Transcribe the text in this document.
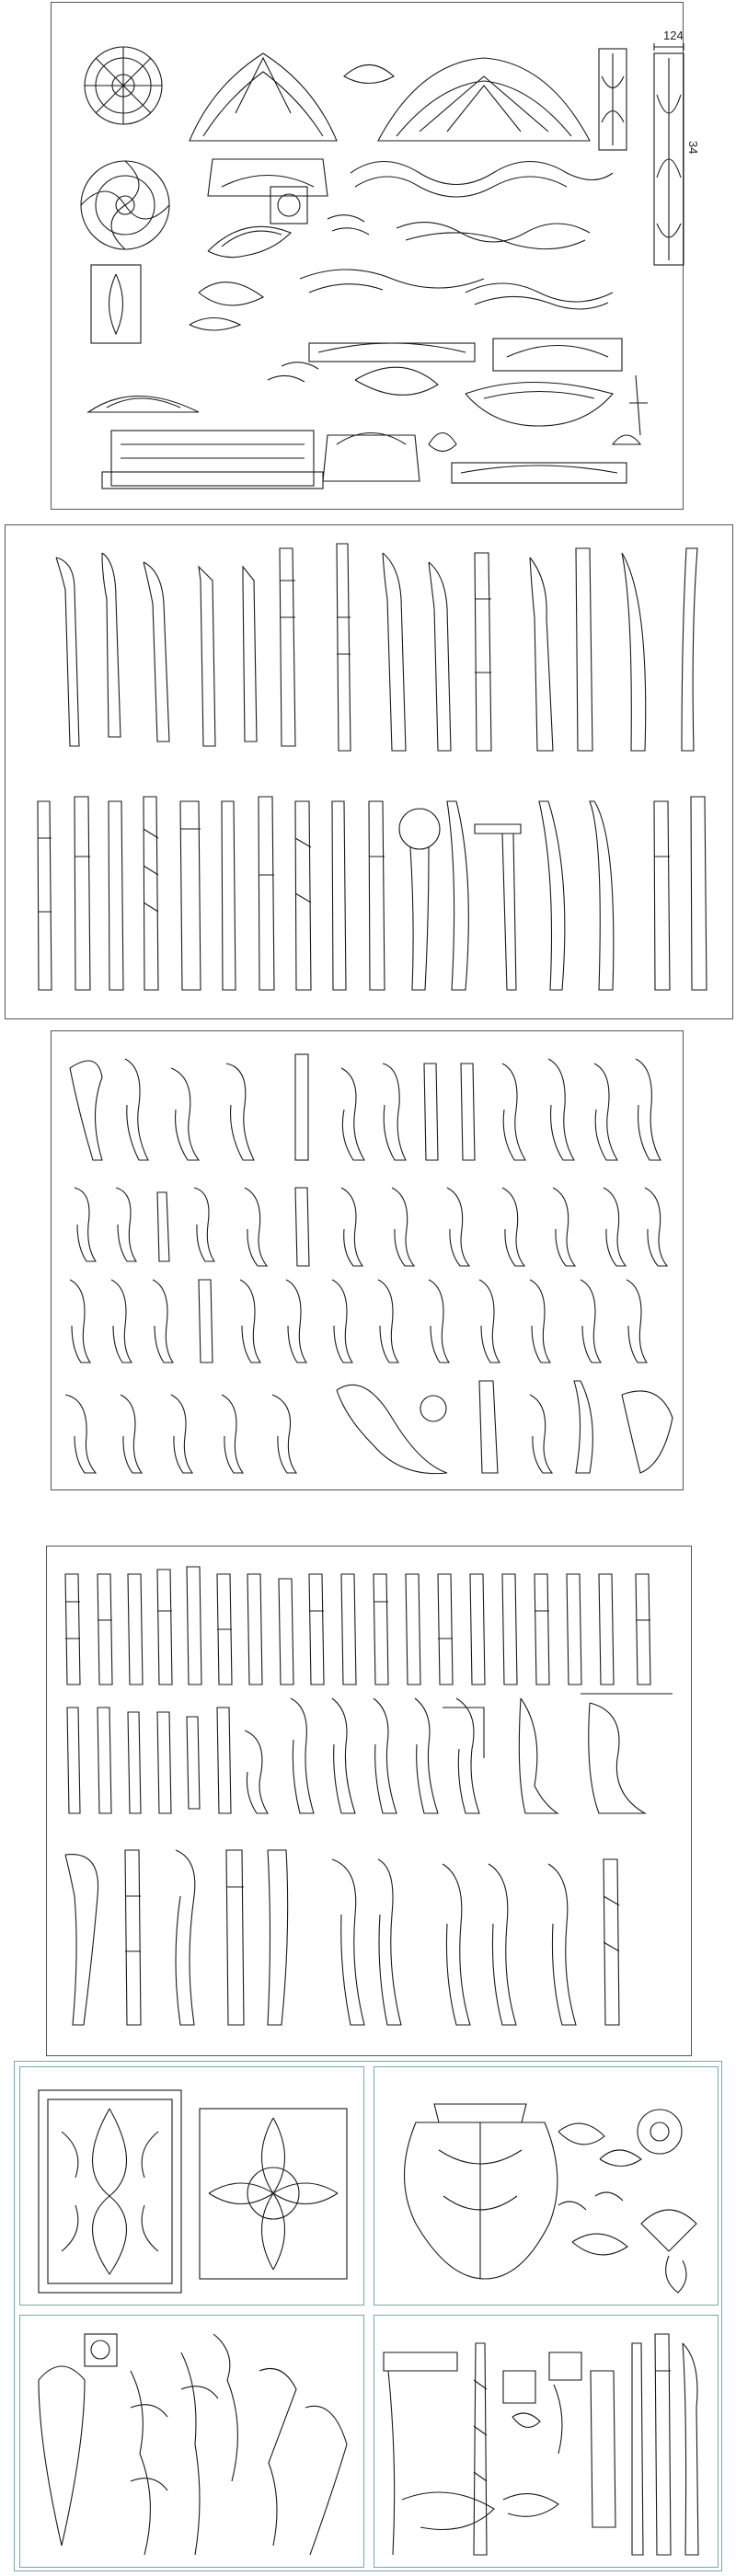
124
34
